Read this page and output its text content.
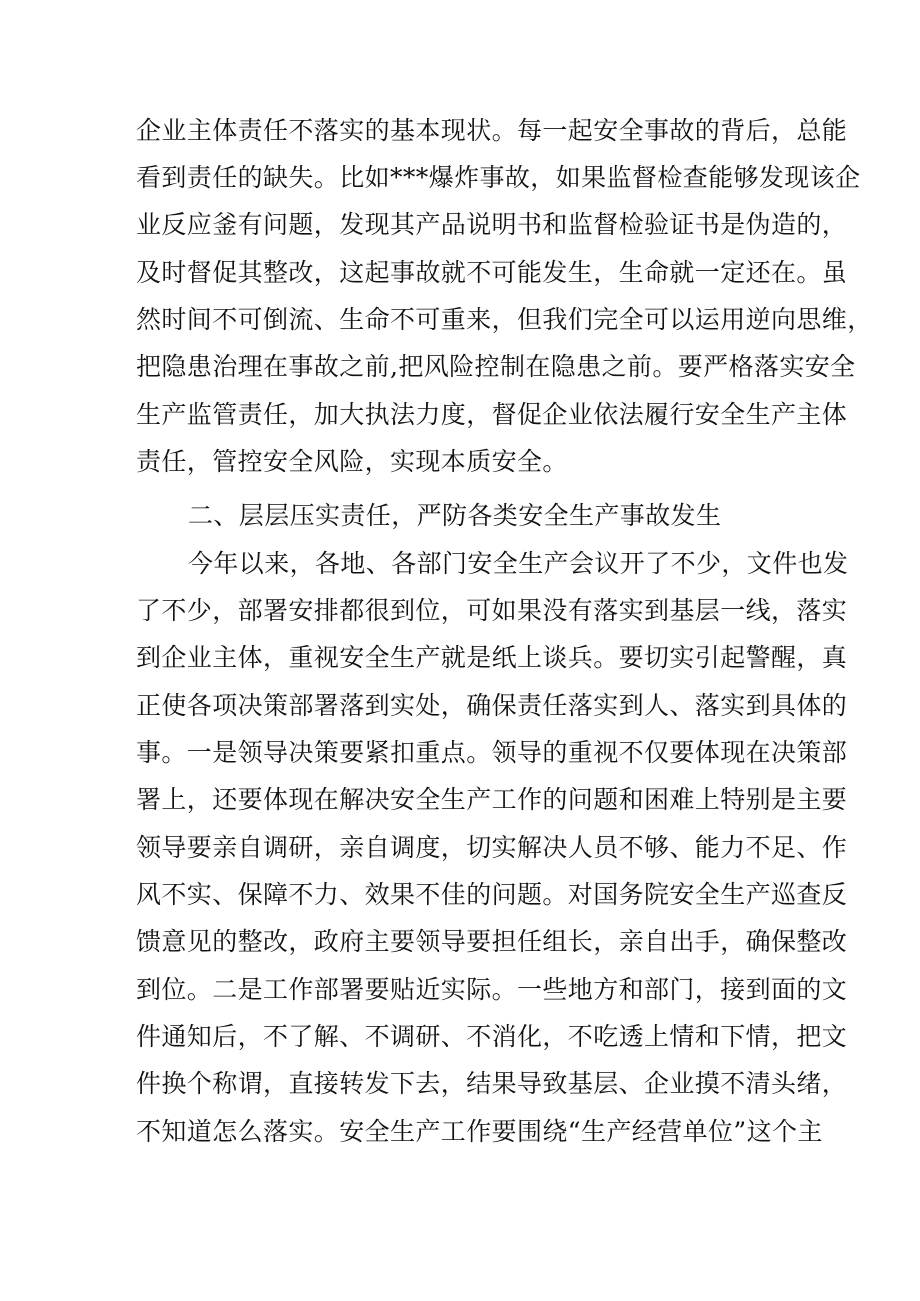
企业主体责任不落实的基本现状。每一起安全事故的背后，总能
看到责任的缺失。比如***爆炸事故，如果监督检查能够发现该企
业反应釜有问题，发现其产品说明书和监督检验证书是伪造的，
及时督促其整改，这起事故就不可能发生，生命就一定还在。虽
然时间不可倒流、生命不可重来，但我们完全可以运用逆向思维，
把隐患治理在事故之前,把风险控制在隐患之前。要严格落实安全
生产监管责任，加大执法力度，督促企业依法履行安全生产主体
责任，管控安全风险，实现本质安全。
二、层层压实责任，严防各类安全生产事故发生
今年以来，各地、各部门安全生产会议开了不少，文件也发
了不少，部署安排都很到位，可如果没有落实到基层一线，落实
到企业主体，重视安全生产就是纸上谈兵。要切实引起警醒，真
正使各项决策部署落到实处，确保责任落实到人、落实到具体的
事。一是领导决策要紧扣重点。领导的重视不仅要体现在决策部
署上，还要体现在解决安全生产工作的问题和困难上特别是主要
领导要亲自调研，亲自调度，切实解决人员不够、能力不足、作
风不实、保障不力、效果不佳的问题。对国务院安全生产巡查反
馈意见的整改，政府主要领导要担任组长，亲自出手，确保整改
到位。二是工作部署要贴近实际。一些地方和部门，接到面的文
件通知后，不了解、不调研、不消化，不吃透上情和下情，把文
件换个称谓，直接转发下去，结果导致基层、企业摸不清头绪，
不知道怎么落实。安全生产工作要围绕“生产经营单位”这个主
